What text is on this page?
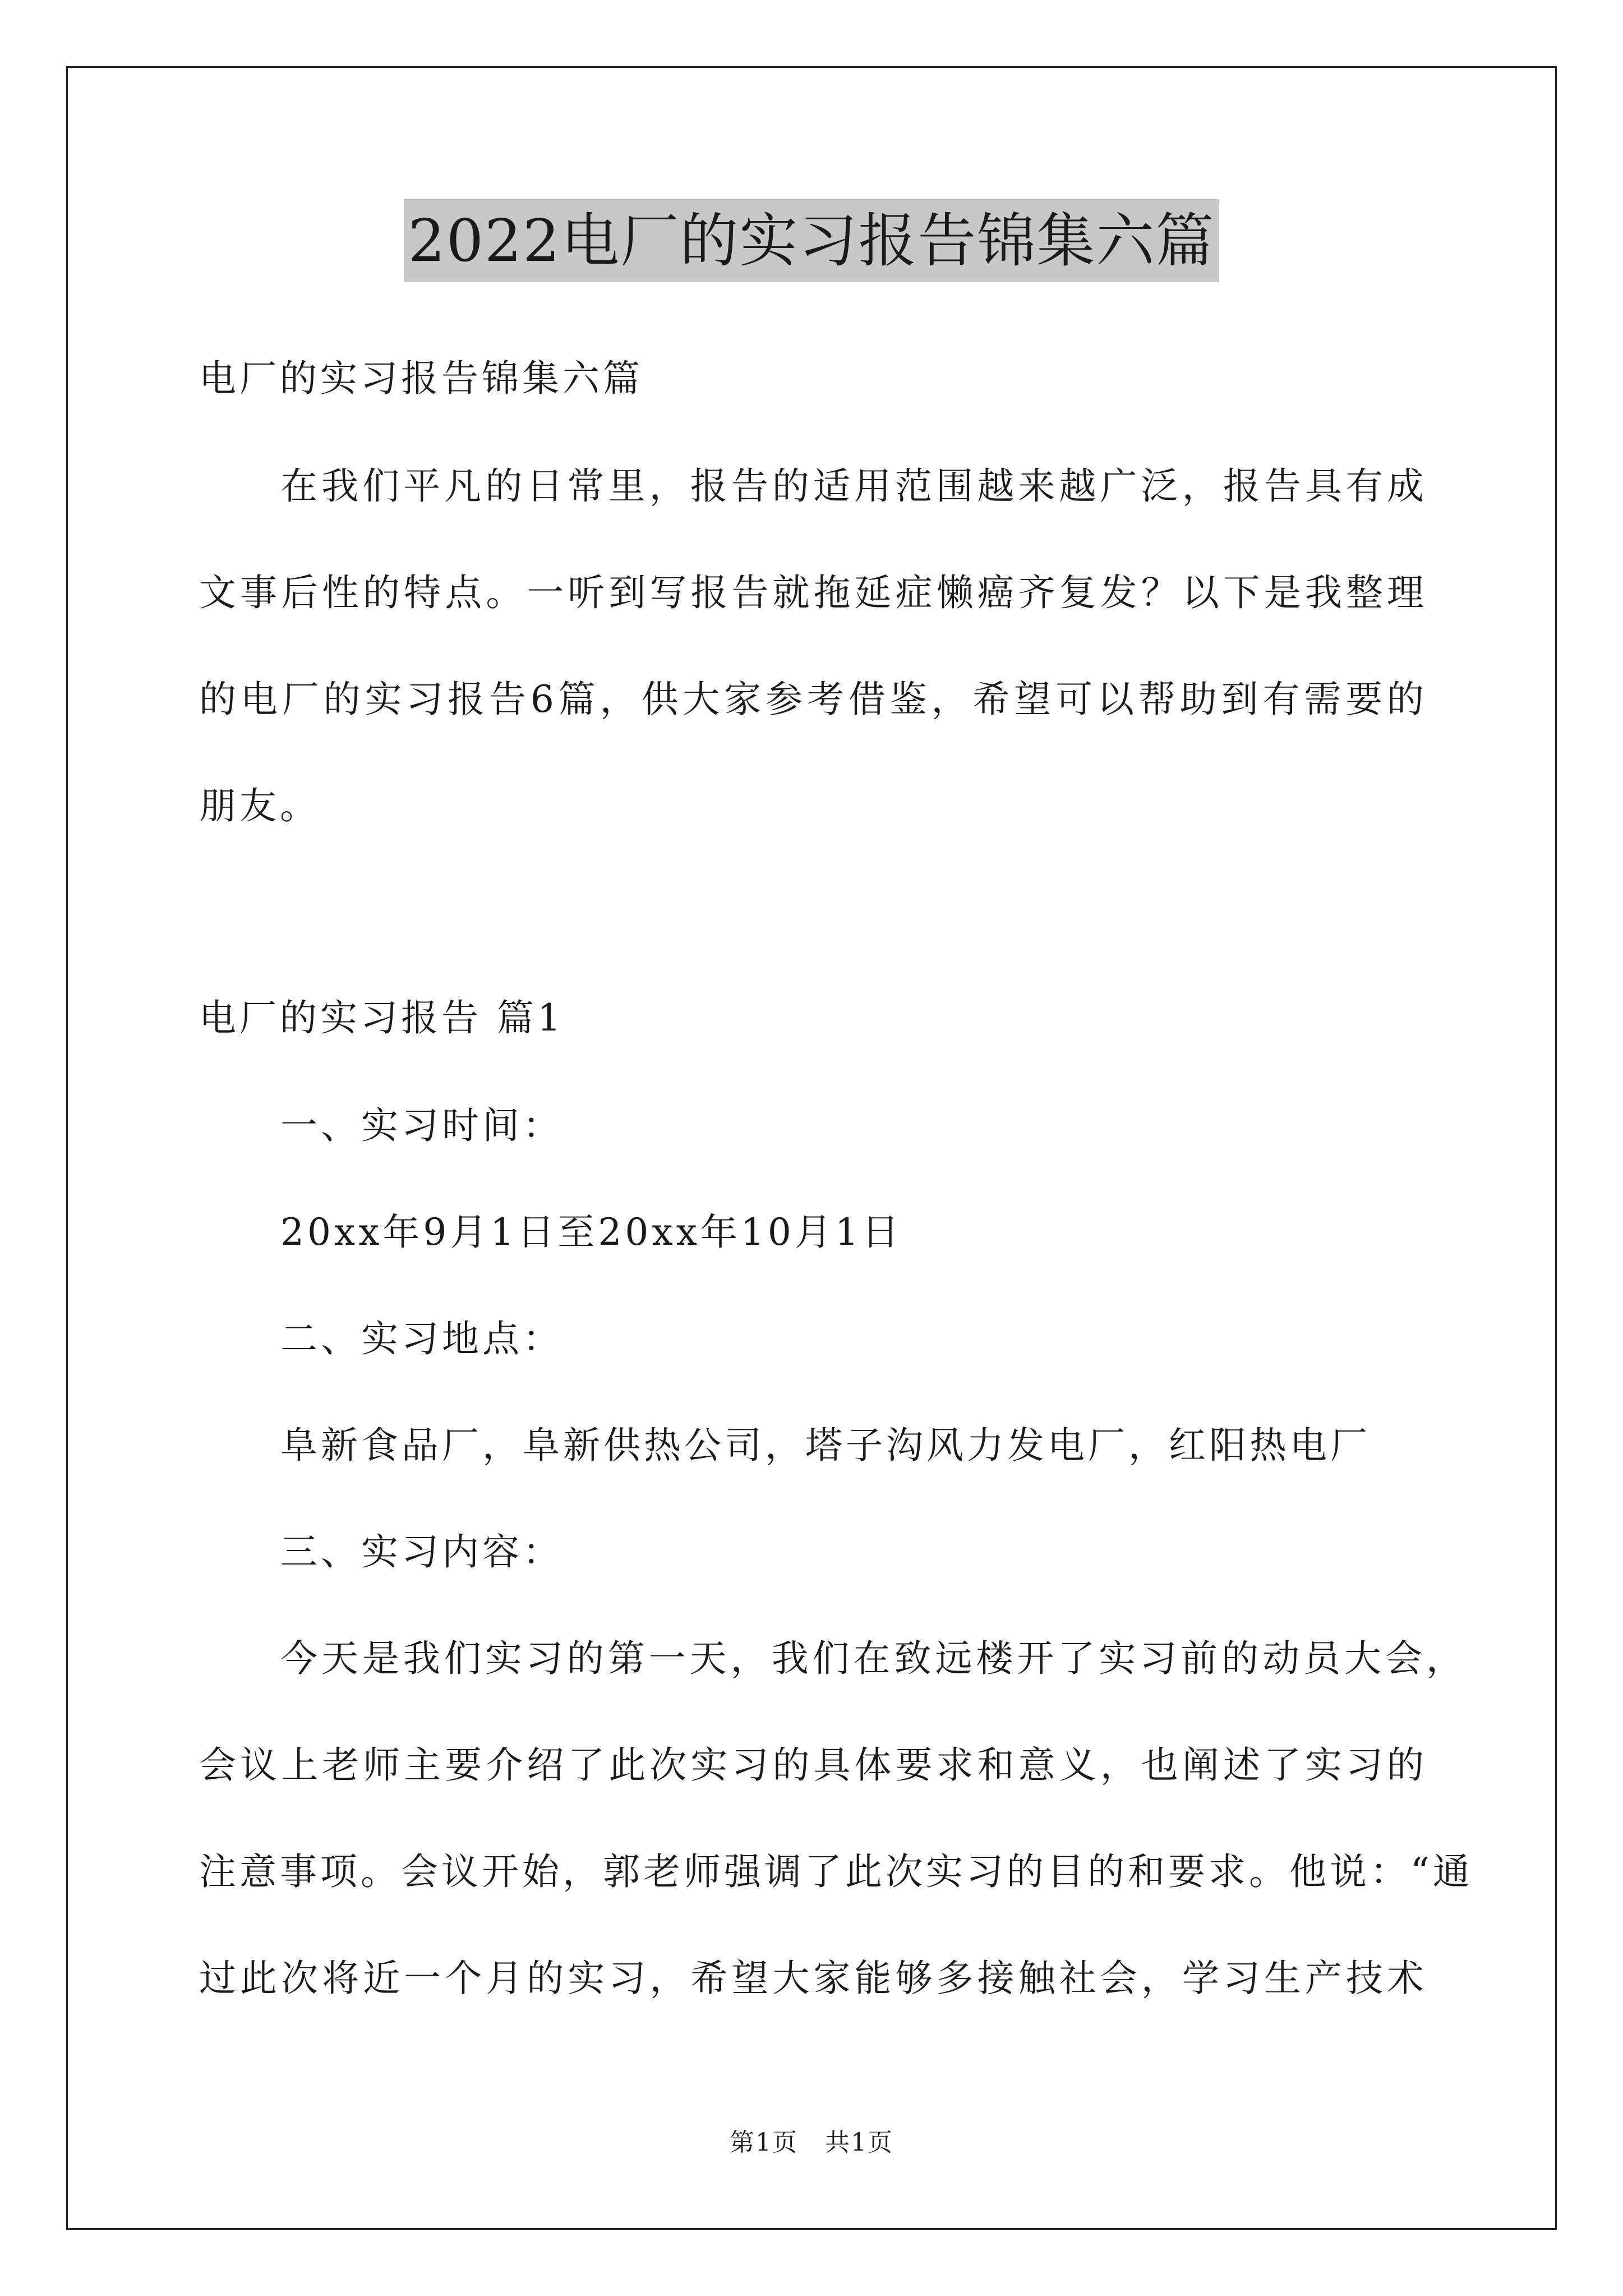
2022电厂的实习报告锦集六篇
电厂的实习报告锦集六篇
在我们平凡的日常里，报告的适用范围越来越广泛，报告具有成
文事后性的特点。一听到写报告就拖延症懒癌齐复发？以下是我整理
的电厂的实习报告6篇，供大家参考借鉴，希望可以帮助到有需要的
朋友。
电厂的实习报告 篇1
一、实习时间：
20xx年9月1日至20xx年10月1日
二、实习地点：
阜新食品厂，阜新供热公司，塔子沟风力发电厂，红阳热电厂
三、实习内容：
今天是我们实习的第一天，我们在致远楼开了实习前的动员大会，
会议上老师主要介绍了此次实习的具体要求和意义，也阐述了实习的
注意事项。会议开始，郭老师强调了此次实习的目的和要求。他说：“通
过此次将近一个月的实习，希望大家能够多接触社会，学习生产技术
第1页 共1页
